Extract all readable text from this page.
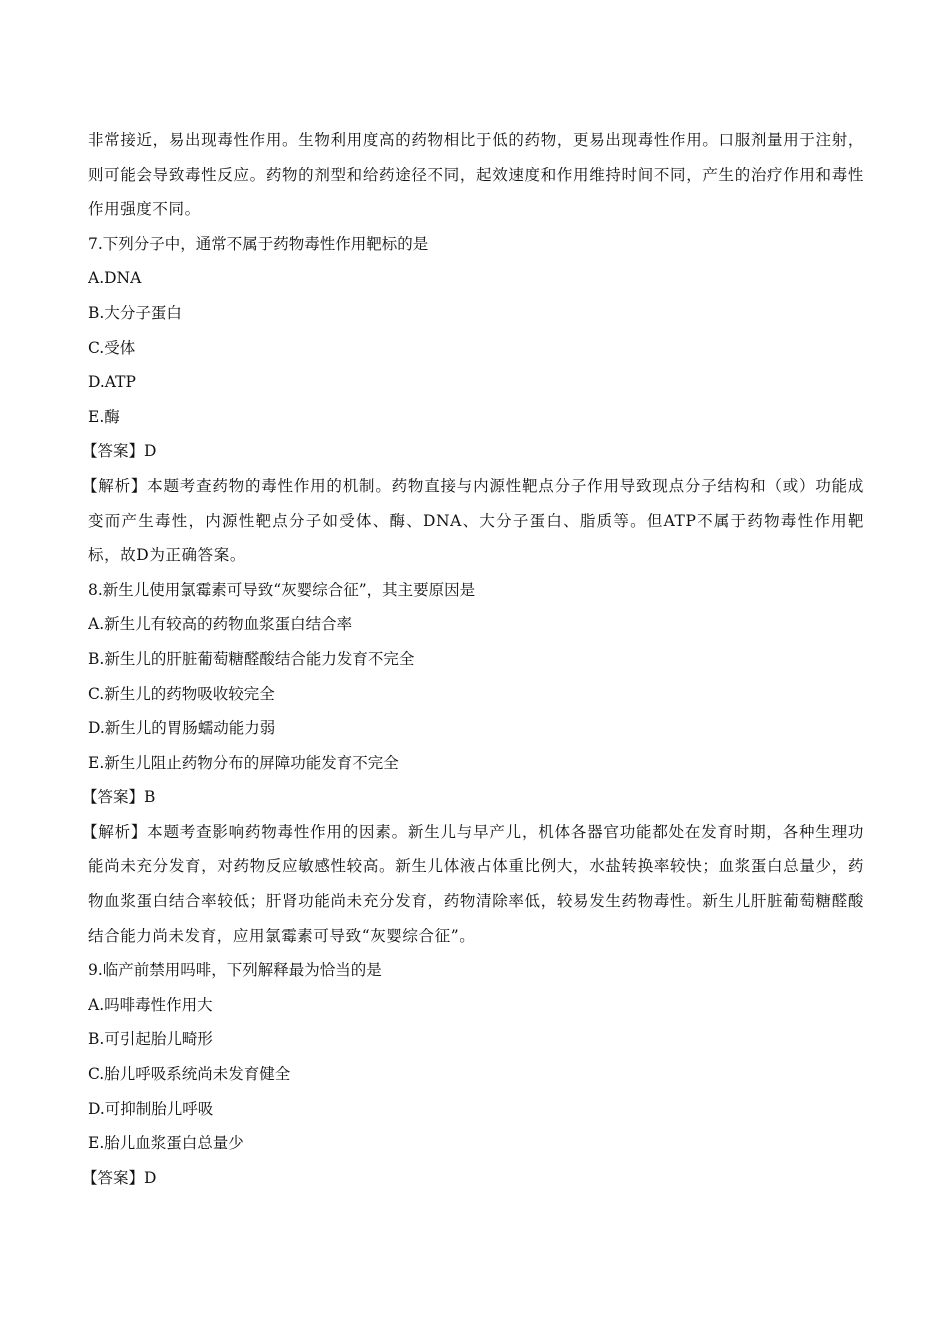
非常接近，易出现毒性作用。生物利用度高的药物相比于低的药物，更易出现毒性作用。口服剂量用于注射，则可能会导致毒性反应。药物的剂型和给药途径不同，起效速度和作用维持时间不同，产生的治疗作用和毒性作用强度不同。
7.下列分子中，通常不属于药物毒性作用靶标的是
A.DNA
B.大分子蛋白
C.受体
D.ATP
E.酶
【答案】D
【解析】本题考查药物的毒性作用的机制。药物直接与内源性靶点分子作用导致现点分子结构和（或）功能成变而产生毒性，内源性靶点分子如受体、酶、DNA、大分子蛋白、脂质等。但ATP不属于药物毒性作用靶标，故D为正确答案。
8.新生儿使用氯霉素可导致“灰婴综合征”，其主要原因是
A.新生儿有较高的药物血浆蛋白结合率
B.新生儿的肝脏葡萄糖醛酸结合能力发育不完全
C.新生儿的药物吸收较完全
D.新生儿的胃肠蠕动能力弱
E.新生儿阻止药物分布的屏障功能发育不完全
【答案】B
【解析】本题考查影响药物毒性作用的因素。新生儿与早产儿，机体各器官功能都处在发育时期，各种生理功能尚未充分发育，对药物反应敏感性较高。新生儿体液占体重比例大，水盐转换率较快；血浆蛋白总量少，药物血浆蛋白结合率较低；肝肾功能尚未充分发育，药物清除率低，较易发生药物毒性。新生儿肝脏葡萄糖醛酸结合能力尚未发育，应用氯霉素可导致“灰婴综合征”。
9.临产前禁用吗啡，下列解释最为恰当的是
A.吗啡毒性作用大
B.可引起胎儿畸形
C.胎儿呼吸系统尚未发育健全
D.可抑制胎儿呼吸
E.胎儿血浆蛋白总量少
【答案】D
